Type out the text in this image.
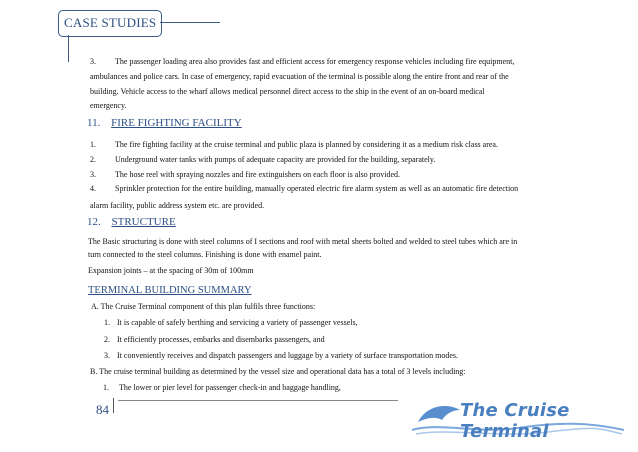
CASE STUDIES
3. The passenger loading area also provides fast and efficient access for emergency response vehicles including fire equipment,
ambulances and police cars. In case of emergency, rapid evacuation of the terminal is possible along the entire front and rear of the
building. Vehicle access to the wharf allows medical personnel direct access to the ship in the event of an on-board medical
emergency.
11. FIRE FIGHTING FACILITY
1. The fire fighting facility at the cruise terminal and public plaza is planned by considering it as a medium risk class area.
2. Underground water tanks with pumps of adequate capacity are provided for the building, separately.
3. The hose reel with spraying nozzles and fire extinguishers on each floor is also provided.
4. Sprinkler protection for the entire building, manually operated electric fire alarm system as well as an automatic fire detection
alarm facility, public address system etc. are provided.
12. STRUCTURE
The Basic structuring is done with steel columns of I sections and roof with metal sheets bolted and welded to steel tubes which are in
turn connected to the steel columns. Finishing is done with enamel paint.
Expansion joints – at the spacing of 30m of 100mm
TERMINAL BUILDING SUMMARY
A. The Cruise Terminal component of this plan fulfils three functions:
1. It is capable of safely berthing and servicing a variety of passenger vessels,
2. It efficiently processes, embarks and disembarks passengers, and
3. It conveniently receives and dispatch passengers and luggage by a variety of surface transportation modes.
B. The cruise terminal building as determined by the vessel size and operational data has a total of 3 levels including:
1. The lower or pier level for passenger check-in and baggage handling,
84	The Cruise Terminal
